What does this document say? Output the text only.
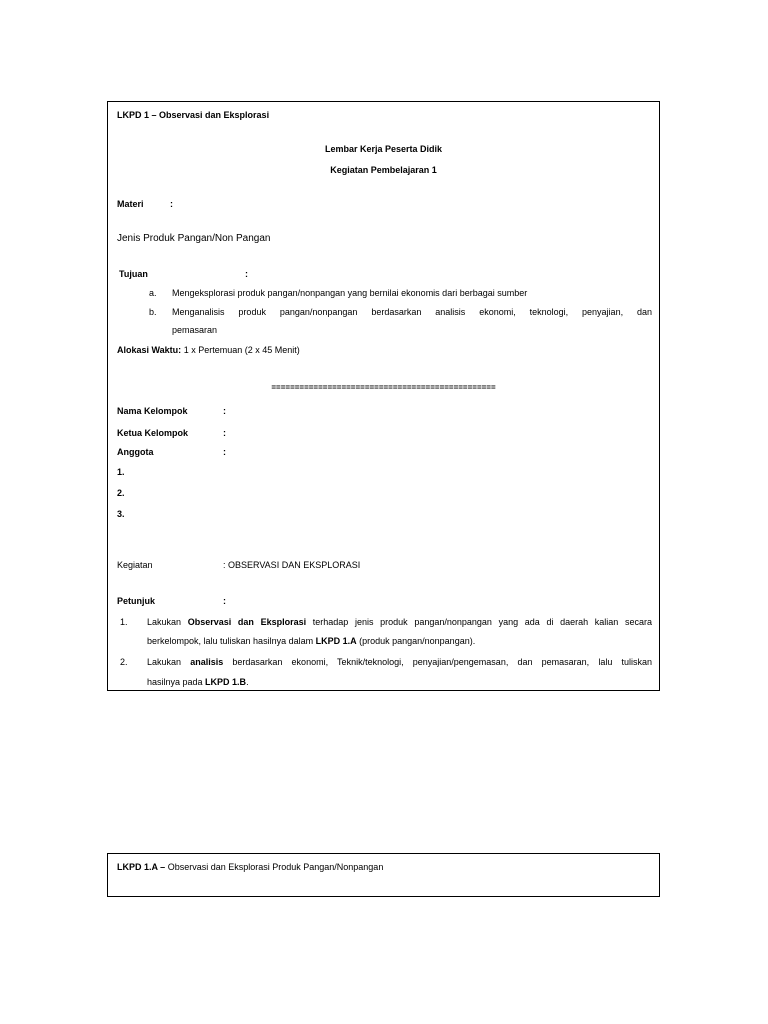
LKPD 1 – Observasi dan Eksplorasi
Lembar Kerja Peserta Didik
Kegiatan Pembelajaran 1
Materi	:
Jenis Produk Pangan/Non Pangan
Tujuan	:
a. Mengeksplorasi produk pangan/nonpangan yang bernilai ekonomis dari berbagai sumber
b. Menganalisis produk pangan/nonpangan berdasarkan analisis ekonomi, teknologi, penyajian, dan
pemasaran
Alokasi Waktu: 1 x Pertemuan (2 x 45 Menit)
================================================
Nama Kelompok	:
Ketua Kelompok	:
Anggota	:
1.
2.
3.
Kegiatan	: OBSERVASI DAN EKSPLORASI
Petunjuk	:
1. Lakukan Observasi dan Eksplorasi terhadap jenis produk pangan/nonpangan yang ada di daerah kalian secara
berkelompok, lalu tuliskan hasilnya dalam LKPD 1.A (produk pangan/nonpangan).
2. Lakukan analisis berdasarkan ekonomi, Teknik/teknologi, penyajian/pengemasan, dan pemasaran, lalu tuliskan
hasilnya pada LKPD 1.B.
LKPD 1.A – Observasi dan Eksplorasi Produk Pangan/Nonpangan
